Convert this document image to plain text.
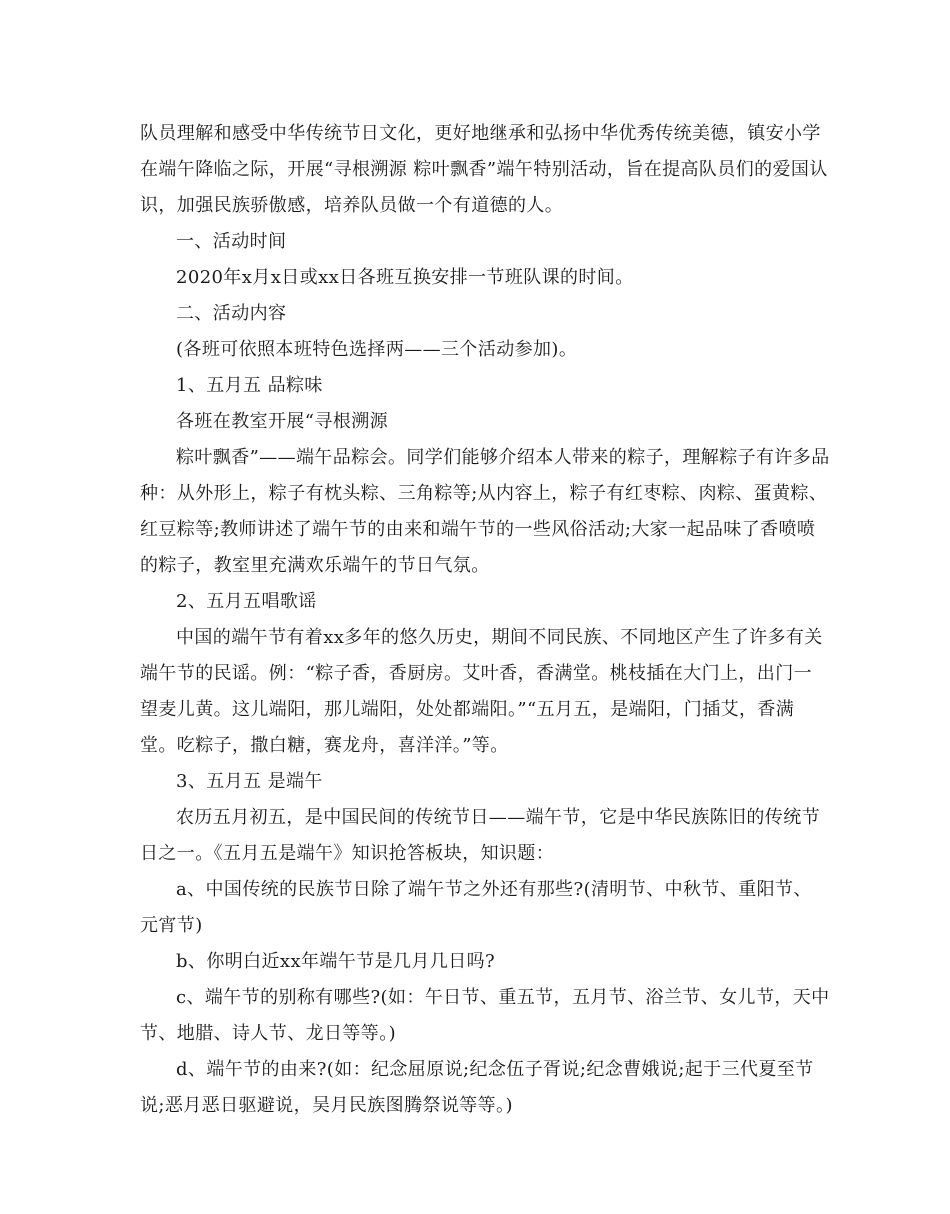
队员理解和感受中华传统节日文化，更好地继承和弘扬中华优秀传统美德，镇安小学在端午降临之际，开展“寻根溯源 粽叶飘香”端午特别活动，旨在提高队员们的爱国认识，加强民族骄傲感，培养队员做一个有道德的人。

一、活动时间

2020年x月x日或xx日各班互换安排一节班队课的时间。

二、活动内容

(各班可依照本班特色选择两——三个活动参加)。

1、五月五 品粽味

各班在教室开展“寻根溯源

粽叶飘香”——端午品粽会。同学们能够介绍本人带来的粽子，理解粽子有许多品种：从外形上，粽子有枕头粽、三角粽等;从内容上，粽子有红枣粽、肉粽、蛋黄粽、红豆粽等;教师讲述了端午节的由来和端午节的一些风俗活动;大家一起品味了香喷喷的粽子，教室里充满欢乐端午的节日气氛。

2、五月五唱歌谣

中国的端午节有着xx多年的悠久历史，期间不同民族、不同地区产生了许多有关端午节的民谣。例：“粽子香，香厨房。艾叶香，香满堂。桃枝插在大门上，出门一望麦儿黄。这儿端阳，那儿端阳，处处都端阳。”“五月五，是端阳，门插艾，香满堂。吃粽子，撒白糖，赛龙舟，喜洋洋。”等。

3、五月五 是端午

农历五月初五，是中国民间的传统节日——端午节，它是中华民族陈旧的传统节日之一。《五月五是端午》知识抢答板块，知识题：

a、中国传统的民族节日除了端午节之外还有那些?(清明节、中秋节、重阳节、元宵节)

b、你明白近xx年端午节是几月几日吗?

c、端午节的别称有哪些?(如：午日节、重五节，五月节、浴兰节、女儿节，天中节、地腊、诗人节、龙日等等。)

d、端午节的由来?(如：纪念屈原说;纪念伍子胥说;纪念曹娥说;起于三代夏至节说;恶月恶日驱避说，吴月民族图腾祭说等等。)
